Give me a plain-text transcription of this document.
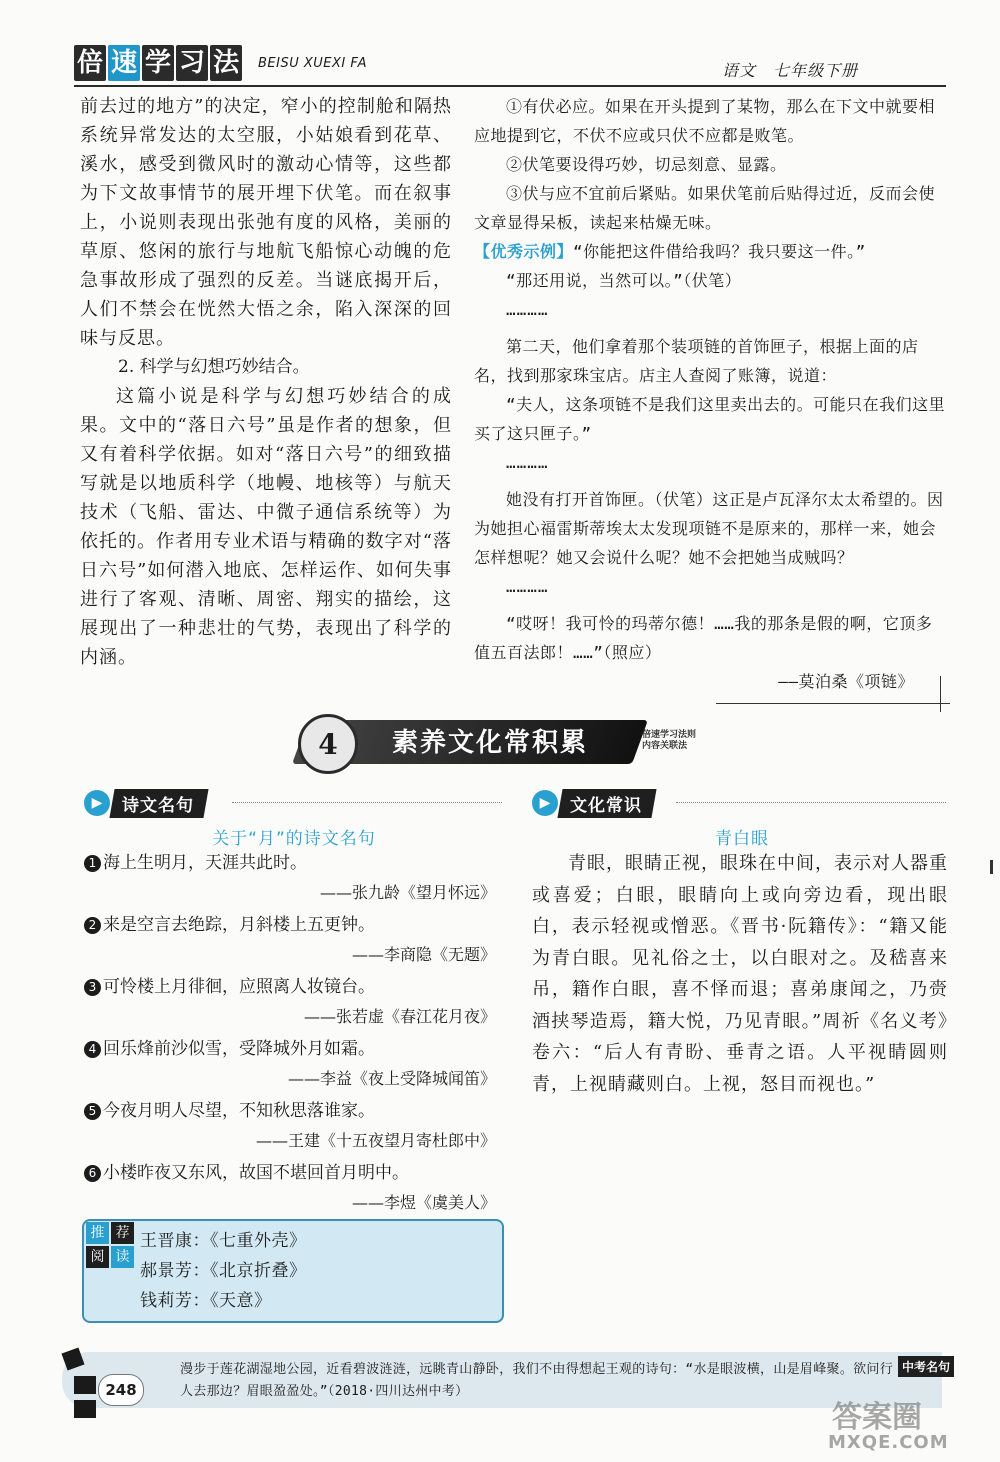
倍 速 学 习 法 BEISU XUEXI FA	语文　七年级下册

前去过的地方”的决定，窄小的控制舱和隔热系统异常发达的太空服，小姑娘看到花草、溪水，感受到微风时的激动心情等，这些都为下文故事情节的展开埋下伏笔。而在叙事上，小说则表现出张弛有度的风格，美丽的草原、悠闲的旅行与地航飞船惊心动魄的危急事故形成了强烈的反差。当谜底揭开后，人们不禁会在恍然大悟之余，陷入深深的回味与反思。

2. 科学与幻想巧妙结合。

这篇小说是科学与幻想巧妙结合的成果。文中的“落日六号”虽是作者的想象，但又有着科学依据。如对“落日六号”的细致描写就是以地质科学（地幔、地核等）与航天技术（飞船、雷达、中微子通信系统等）为依托的。作者用专业术语与精确的数字对“落日六号”如何潜入地底、怎样运作、如何失事进行了客观、清晰、周密、翔实的描绘，这展现出了一种悲壮的气势，表现出了科学的内涵。

①有伏必应。如果在开头提到了某物，那么在下文中就要相应地提到它，不伏不应或只伏不应都是败笔。

②伏笔要设得巧妙，切忌刻意、显露。

③伏与应不宜前后紧贴。如果伏笔前后贴得过近，反而会使文章显得呆板，读起来枯燥无味。

【优秀示例】“你能把这件借给我吗？我只要这一件。”

“那还用说，当然可以。”（伏笔）

…………

第二天，他们拿着那个装项链的首饰匣子，根据上面的店名，找到那家珠宝店。店主人查阅了账簿，说道：

“夫人，这条项链不是我们这里卖出去的。可能只在我们这里买了这只匣子。”

…………

她没有打开首饰匣。（伏笔）这正是卢瓦泽尔太太希望的。因为她担心福雷斯蒂埃太太发现项链不是原来的，那样一来，她会怎样想呢？她又会说什么呢？她不会把她当成贼吗？

…………

“哎呀！我可怜的玛蒂尔德！……我的那条是假的啊，它顶多值五百法郎！……”（照应）

——莫泊桑《项链》

4	素养文化常积累	倍速学习法则
内容关联法
▶	诗文名句
关于“月”的诗文名句

1 海上生明月，天涯共此时。

——张九龄《望月怀远》

2 来是空言去绝踪，月斜楼上五更钟。

——李商隐《无题》

3 可怜楼上月徘徊，应照离人妆镜台。

——张若虚《春江花月夜》

4 回乐烽前沙似雪，受降城外月如霜。

——李益《夜上受降城闻笛》

5 今夜月明人尽望，不知秋思落谁家。

——王建《十五夜望月寄杜郎中》

6 小楼昨夜又东风，故国不堪回首月明中。

——李煜《虞美人》

▶	文化常识
青白眼

青眼，眼睛正视，眼珠在中间，表示对人器重或喜爱；白眼，眼睛向上或向旁边看，现出眼白，表示轻视或憎恶。《晋书·阮籍传》：“籍又能为青白眼。见礼俗之士，以白眼对之。及嵇喜来吊，籍作白眼，喜不怿而退；喜弟康闻之，乃赍酒挟琴造焉，籍大悦，乃见青眼。”周祈《名义考》卷六：“后人有青盼、垂青之语。人平视睛圆则青，上视睛藏则白。上视，怒目而视也。”

推 荐
阅 读

王晋康：《七重外壳》

郝景芳：《北京折叠》

钱莉芳：《天意》

248
漫步于莲花湖湿地公园，近看碧波涟涟，远眺青山静卧，我们不由得想起王观的诗句：“水是眼波横，山是眉峰聚。欲问行人去那边？眉眼盈盈处。”（2018·四川达州中考）
中考名句
答案圈
MXQE.COM
